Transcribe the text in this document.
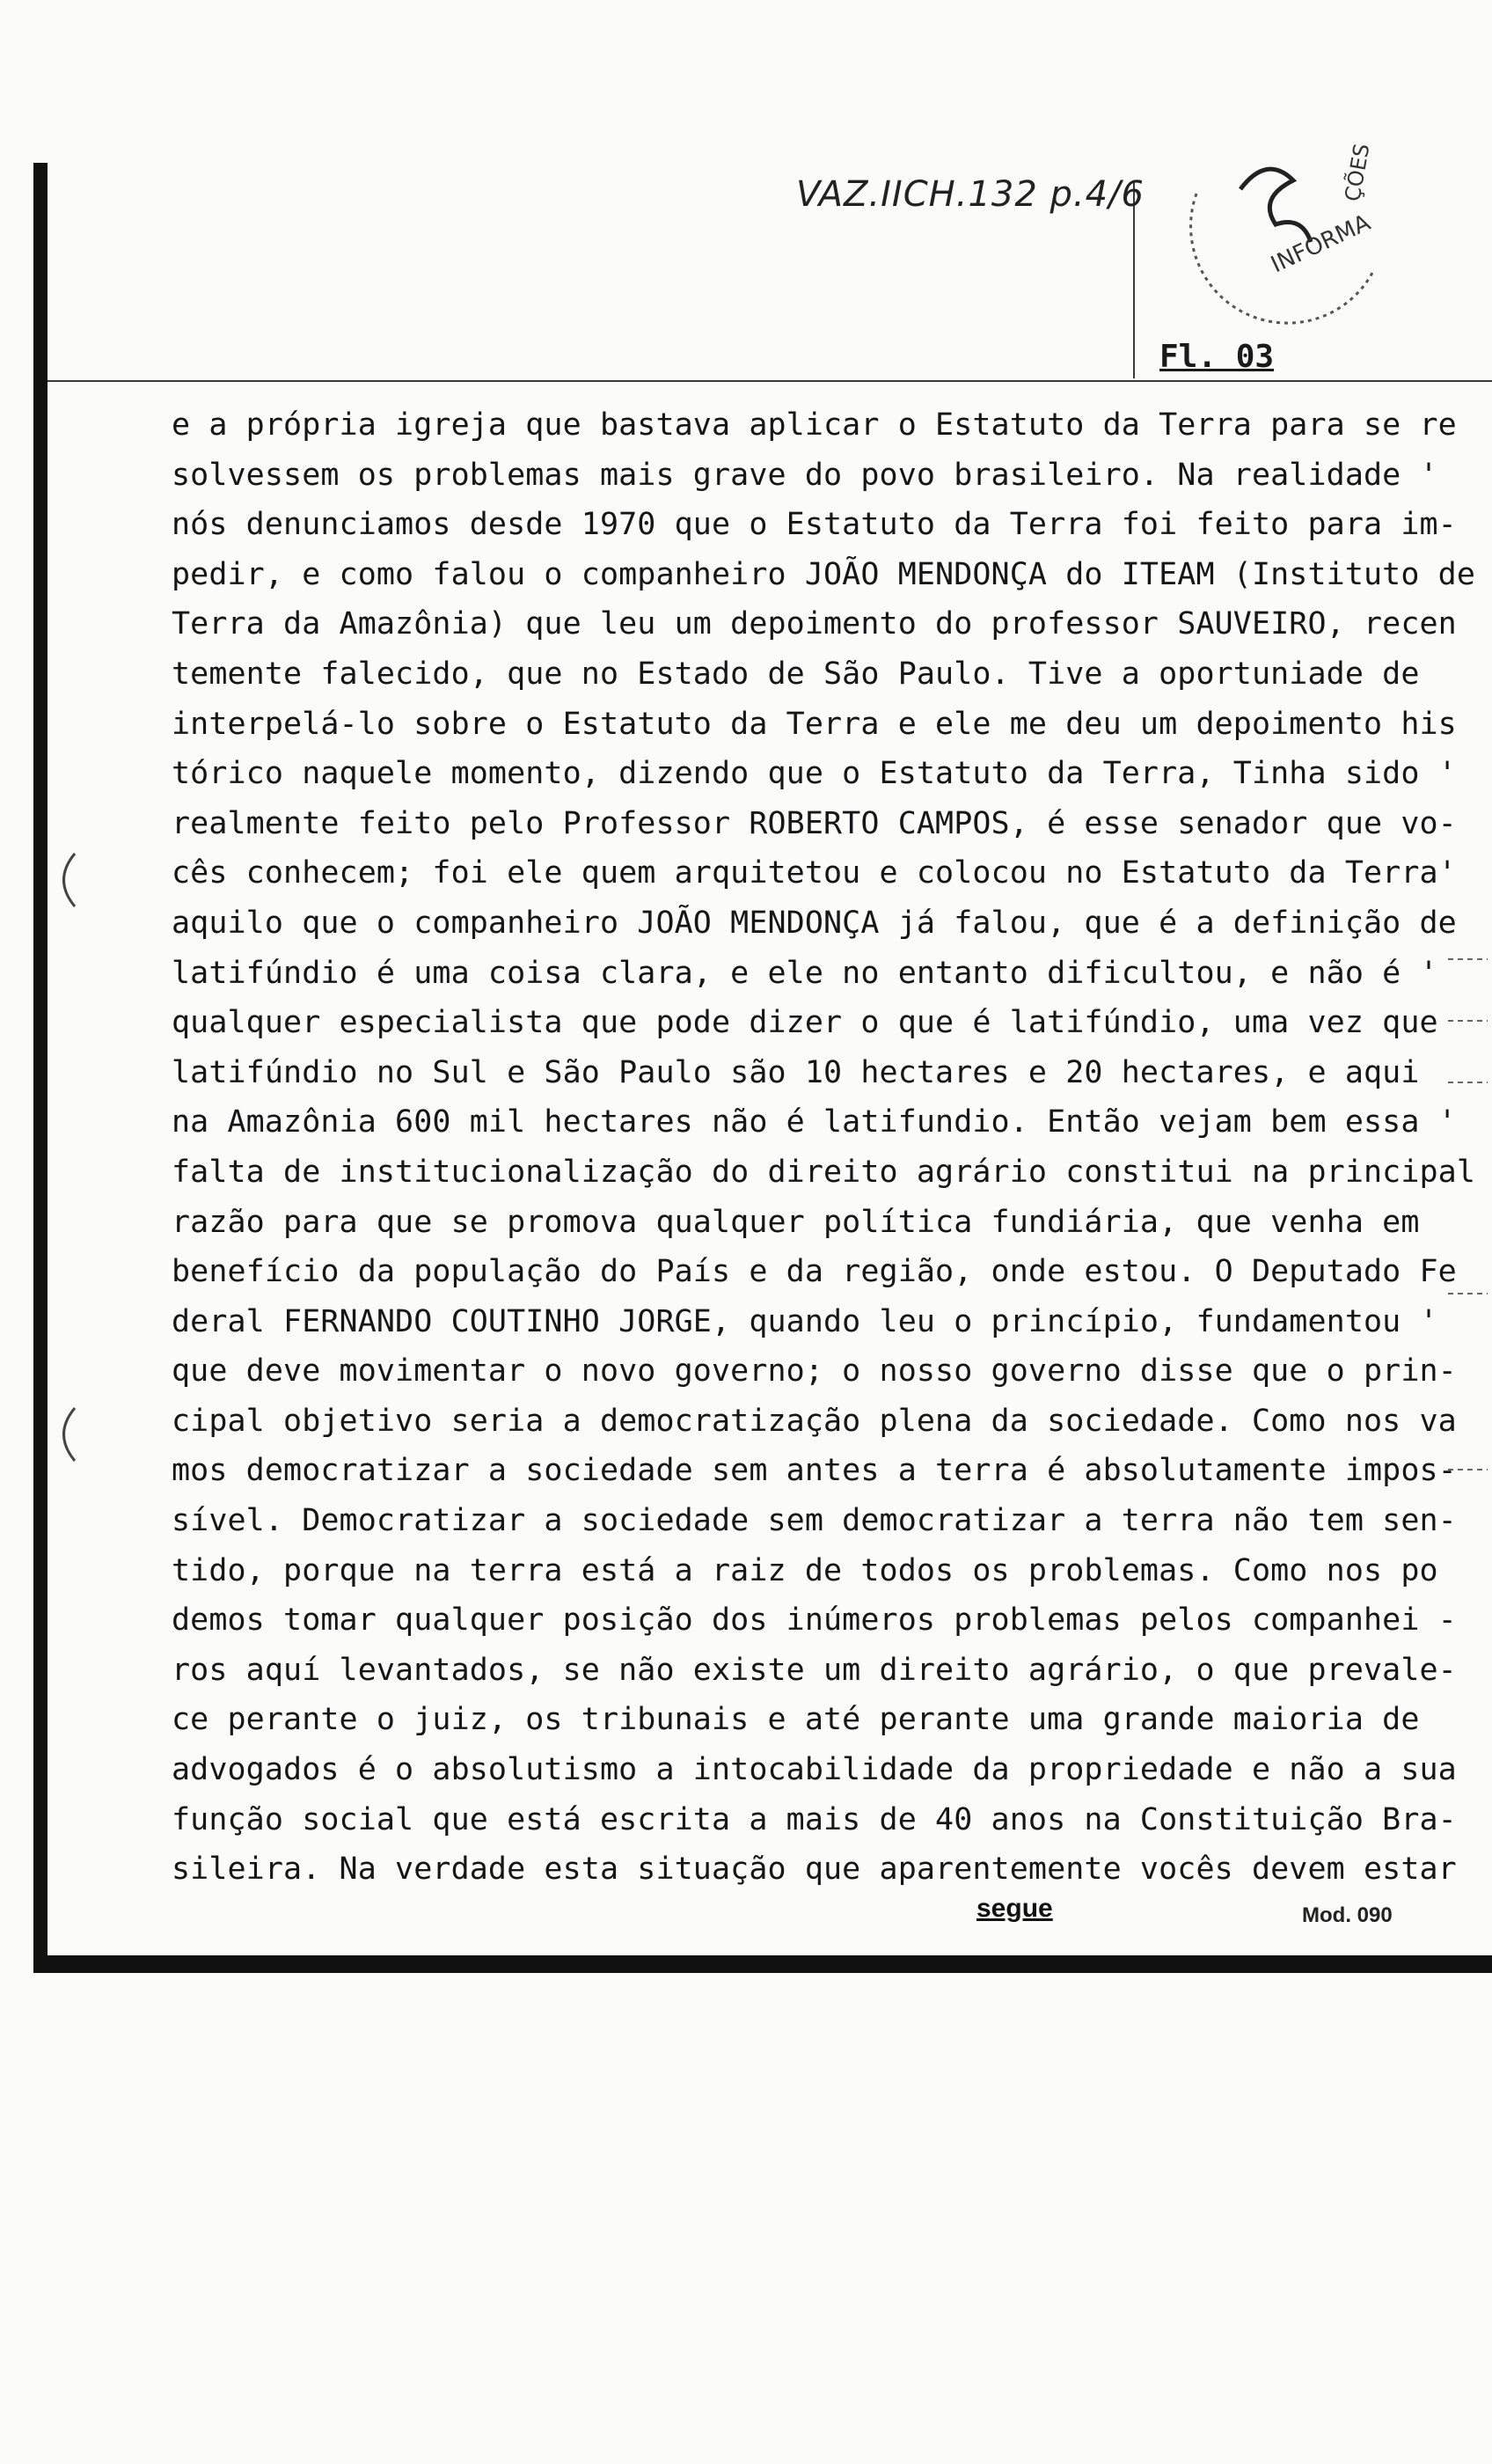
VAZ.IICH.132 p.4/6
INFORMA
ÇÕES
Fl. 03
e a própria igreja que bastava aplicar o Estatuto da Terra para se re
solvessem os problemas mais grave do povo brasileiro. Na realidade '
nós denunciamos desde 1970 que o Estatuto da Terra foi feito para im-
pedir, e como falou o companheiro JOÃO MENDONÇA do ITEAM (Instituto de
Terra da Amazônia) que leu um depoimento do professor SAUVEIRO, recen
temente falecido, que no Estado de São Paulo. Tive a oportuniade de
interpelá-lo sobre o Estatuto da Terra e ele me deu um depoimento his
tórico naquele momento, dizendo que o Estatuto da Terra, Tinha sido '
realmente feito pelo Professor ROBERTO CAMPOS, é esse senador que vo-
cês conhecem; foi ele quem arquitetou e colocou no Estatuto da Terra'
aquilo que o companheiro JOÃO MENDONÇA já falou, que é a definição de
latifúndio é uma coisa clara, e ele no entanto dificultou, e não é '
qualquer especialista que pode dizer o que é latifúndio, uma vez que
latifúndio no Sul e São Paulo são 10 hectares e 20 hectares, e aqui
na Amazônia 600 mil hectares não é latifundio. Então vejam bem essa '
falta de institucionalização do direito agrário constitui na principal
razão para que se promova qualquer política fundiária, que venha em
benefício da população do País e da região, onde estou. O Deputado Fe
deral FERNANDO COUTINHO JORGE, quando leu o princípio, fundamentou '
que deve movimentar o novo governo; o nosso governo disse que o prin-
cipal objetivo seria a democratização plena da sociedade. Como nos va
mos democratizar a sociedade sem antes a terra é absolutamente impos-
sível. Democratizar a sociedade sem democratizar a terra não tem sen-
tido, porque na terra está a raiz de todos os problemas. Como nos po
demos tomar qualquer posição dos inúmeros problemas pelos companhei -
ros aquí levantados, se não existe um direito agrário, o que prevale-
ce perante o juiz, os tribunais e até perante uma grande maioria de
advogados é o absolutismo a intocabilidade da propriedade e não a sua
função social que está escrita a mais de 40 anos na Constituição Bra-
sileira. Na verdade esta situação que aparentemente vocês devem estar
segue	Mod. 090
